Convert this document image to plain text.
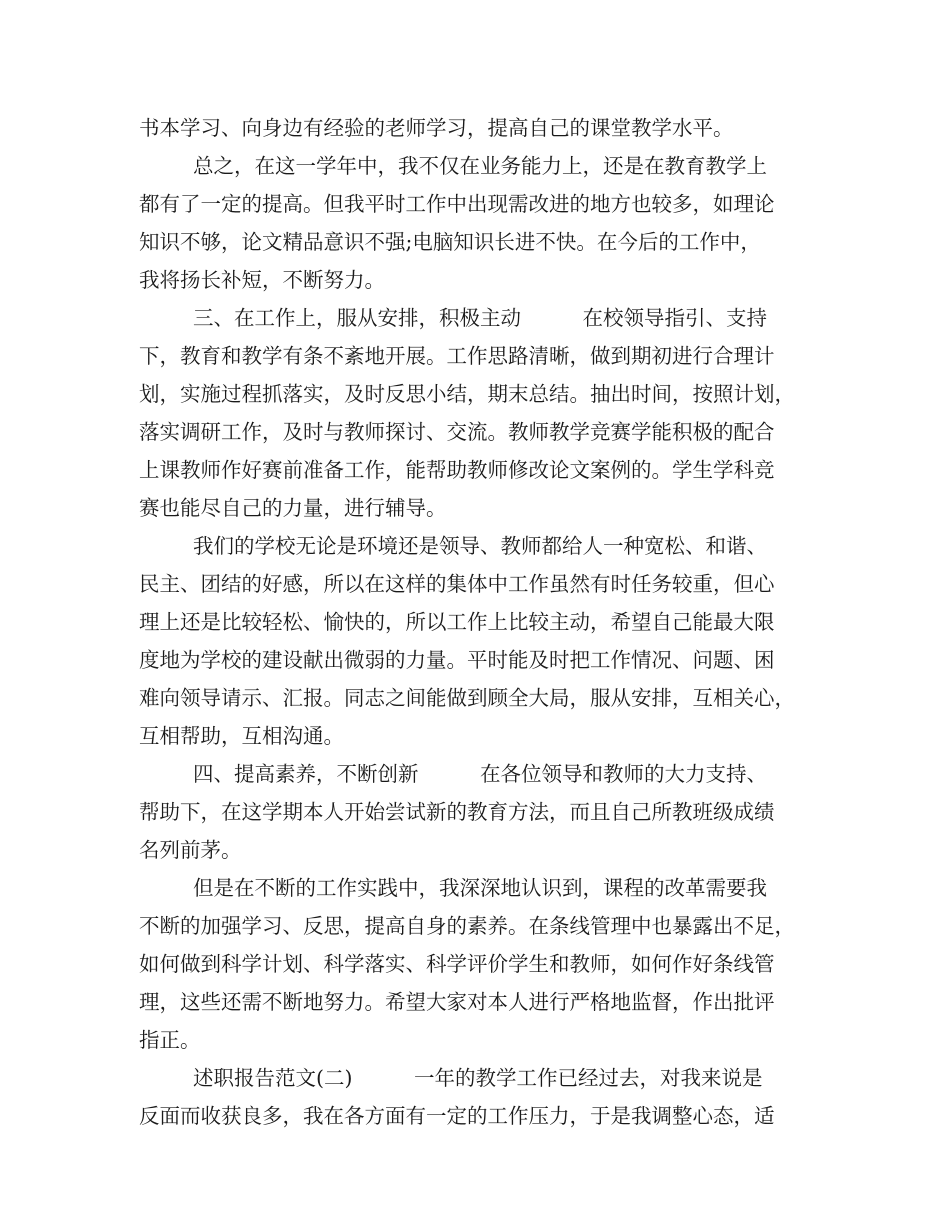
书本学习、向身边有经验的老师学习，提高自己的课堂教学水平。
总之，在这一学年中，我不仅在业务能力上，还是在教育教学上
都有了一定的提高。但我平时工作中出现需改进的地方也较多，如理论
知识不够，论文精品意识不强;电脑知识长进不快。在今后的工作中，
我将扬长补短，不断努力。
三、在工作上，服从安排，积极主动　　　在校领导指引、支持
下，教育和教学有条不紊地开展。工作思路清晰，做到期初进行合理计
划，实施过程抓落实，及时反思小结，期末总结。抽出时间，按照计划，
落实调研工作，及时与教师探讨、交流。教师教学竞赛学能积极的配合
上课教师作好赛前准备工作，能帮助教师修改论文案例的。学生学科竞
赛也能尽自己的力量，进行辅导。
我们的学校无论是环境还是领导、教师都给人一种宽松、和谐、
民主、团结的好感，所以在这样的集体中工作虽然有时任务较重，但心
理上还是比较轻松、愉快的，所以工作上比较主动，希望自己能最大限
度地为学校的建设献出微弱的力量。平时能及时把工作情况、问题、困
难向领导请示、汇报。同志之间能做到顾全大局，服从安排，互相关心，
互相帮助，互相沟通。
四、提高素养，不断创新　　　在各位领导和教师的大力支持、
帮助下，在这学期本人开始尝试新的教育方法，而且自己所教班级成绩
名列前茅。
但是在不断的工作实践中，我深深地认识到，课程的改革需要我
不断的加强学习、反思，提高自身的素养。在条线管理中也暴露出不足，
如何做到科学计划、科学落实、科学评价学生和教师，如何作好条线管
理，这些还需不断地努力。希望大家对本人进行严格地监督，作出批评
指正。
述职报告范文(二)　　　一年的教学工作已经过去，对我来说是
反面而收获良多，我在各方面有一定的工作压力，于是我调整心态，适
